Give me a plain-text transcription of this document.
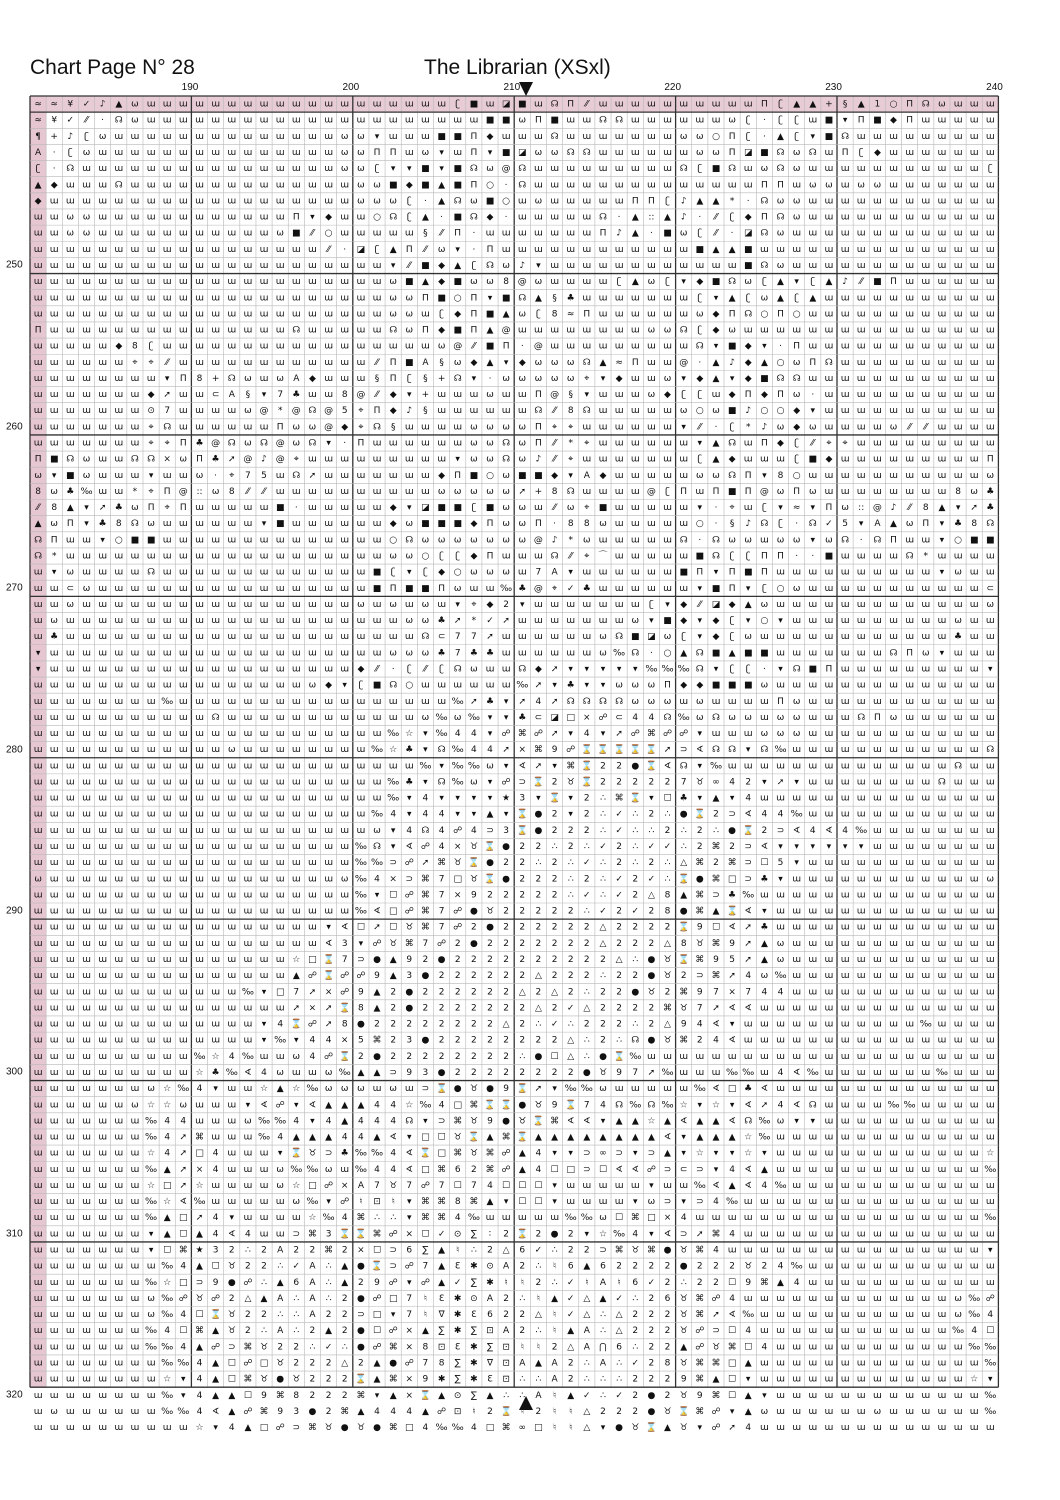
Chart Page N° 28	The Librarian (XSxl)
190	200	210	220	230	240
250
260
270
280
290
300
310
320
≈ ≈ ¥ ✓ ♪ ▲ ω ɯ ɯ ɯ ɯ ɯ ɯ ɯ ɯ ɯ ɯ ɯ ɯ ɯ ɯ ɯ ɯ ɯ ɯ ɯ ʗ ■ ɯ ◪ ■ ɯ ☊ Π ⁄⁄ ɯ ɯ ɯ ɯ ɯ ɯ ɯ ɯ ɯ ɯ Π ʗ ▲ ▲ + § ▲ 1 ○ Π ☊ ω ɯ ɯ ɯ
≈ ¥ ✓ ⁄⁄ · ☊ ω ɯ ɯ ɯ ɯ ɯ ɯ ɯ ɯ ɯ ɯ ɯ ɯ ɯ ɯ ɯ ɯ ɯ ɯ ɯ ɯ ɯ ■ ■ ω Π ■ ɯ ɯ ☊ ☊ ɯ ɯ ɯ ɯ ɯ ɯ ω ʗ · ʗ ʗ ɯ ■ ▾ Π ■ ◆ Π ɯ ɯ ɯ ɯ ɯ
¶ + ♪ ʗ ω ɯ ɯ ɯ ɯ ɯ ɯ ɯ ɯ ɯ ɯ ɯ ɯ ɯ ɯ ω ω ▾ ɯ ɯ ɯ ■ ■ Π ◆ ɯ ɯ ɯ ☊ ɯ ɯ ɯ ɯ ɯ ɯ ɯ ω ω ○ Π ʗ · ▲ ʗ ▾ ■ ☊ ɯ ɯ ɯ ɯ ɯ ɯ ɯ ɯ ɯ
A · ʗ ω ɯ ɯ ɯ ɯ ɯ ɯ ɯ ɯ ɯ ɯ ɯ ɯ ɯ ɯ ɯ ω ω Π Π ɯ ω ▾ ɯ Π ▾ ■ ◪ ω ω ☊ ☊ ɯ ɯ ɯ ɯ ɯ ɯ ω ω Π ◪ ■ ☊ ω ☊ ɯ Π ʗ ◆ ɯ ɯ ɯ ɯ ɯ ɯ ɯ
ʗ · ☊ ɯ ɯ ɯ ɯ ɯ ɯ ɯ ɯ ɯ ɯ ɯ ɯ ɯ ɯ ɯ ɯ ω ω ʗ ▾ ▾ ■ ▾ ■ ☊ ω @ ☊ ɯ ɯ ɯ ɯ ɯ ɯ ɯ ɯ ɯ ☊ ʗ ■ ☊ ɯ ω ☊ ω ɯ ɯ ɯ ɯ ɯ ɯ ɯ ɯ ɯ ɯ ɯ ʗ
▲ ◆ ɯ ɯ ɯ ☊ ɯ ɯ ɯ ɯ ɯ ɯ ɯ ɯ ɯ ɯ ɯ ɯ ɯ ɯ ω ω ■ ◆ ■ ▲ ■ Π ○ · ☊ ɯ ɯ ɯ ɯ ɯ ɯ ɯ ɯ ɯ ɯ ɯ ɯ ɯ ɯ Π Π ɯ ω ω ɯ ω ω ɯ ɯ ɯ ɯ ɯ ɯ ɯ
◆ ɯ ɯ ɯ ɯ ɯ ɯ ɯ ɯ ɯ ɯ ɯ ɯ ɯ ɯ ɯ ɯ ɯ ɯ ɯ ω ω ω ʗ · ▲ ☊ ω ■ ○ ɯ ω ɯ ɯ ɯ ɯ ɯ Π Π ʗ ♪ ▲ ▲ * · ☊ ω ω ɯ ɯ ɯ ɯ ɯ ɯ ɯ ɯ ɯ ɯ ɯ ɯ
ɯ ɯ ω ω ɯ ɯ ɯ ɯ ɯ ɯ ɯ ɯ ɯ ɯ ɯ ɯ Π ▾ ◆ ɯ ɯ ○ ☊ ʗ ▲ · ■ ☊ ◆ · ɯ ɯ ɯ ɯ ɯ ☊ · ▲ :: ▲ ♪ · ⁄⁄ ʗ ◆ Π ☊ ω ɯ ɯ ɯ ɯ ɯ ɯ ɯ ɯ ɯ ɯ ɯ ɯ
ɯ ɯ ω ω ɯ ɯ ɯ ɯ ɯ ɯ ɯ ɯ ɯ ɯ ɯ ω ■ ⁄⁄ ○ ɯ ɯ ɯ ɯ ɯ § ⁄⁄ Π · ɯ ɯ ɯ ɯ ɯ ɯ ɯ Π ♪ ▲ · ■ ω ʗ ⁄⁄ · ◪ ☊ ω ɯ ɯ ɯ ɯ ɯ ɯ ɯ ɯ ɯ ɯ ɯ ɯ ɯ
ɯ ɯ ɯ ɯ ɯ ɯ ɯ ɯ ɯ ɯ ɯ ɯ ɯ ɯ ɯ ɯ ɯ ɯ ⁄⁄ · ◪ ʗ ▲ Π ⁄⁄ ω ▾ · Π ɯ ɯ ɯ ɯ ɯ ɯ ɯ ɯ ɯ ɯ ɯ ɯ ■ ▲ ▲ ■ ɯ ɯ ɯ ɯ ɯ ɯ ɯ ɯ ɯ ɯ ɯ ɯ ɯ ɯ ɯ
ɯ ɯ ɯ ɯ ɯ ɯ ɯ ɯ ɯ ɯ ɯ ɯ ɯ ɯ ɯ ɯ ɯ ɯ ɯ ɯ ɯ ɯ ▾ ⁄⁄ ■ ◆ ▲ ʗ ☊ ω ♪ ▾ ɯ ɯ ɯ ɯ ɯ ɯ ɯ ɯ ɯ ɯ ɯ ɯ ■ ☊ ω ɯ ɯ ɯ ɯ ɯ ɯ ɯ ɯ ɯ ɯ ɯ ɯ ɯ
ɯ ɯ ɯ ɯ ɯ ɯ ɯ ɯ ɯ ɯ ɯ ɯ ɯ ɯ ɯ ɯ ɯ ɯ ɯ ɯ ɯ ɯ ω ■ ▲ ◆ ■ ω ω 8 @ ω ɯ ɯ ɯ ɯ ʗ ▲ ω ʗ ▾ ◆ ■ ☊ ω ʗ ▲ ▾ ʗ ▲ ♪ ⁄⁄ ■ Π ɯ ɯ ɯ ɯ ɯ ɯ
ɯ ɯ ɯ ɯ ɯ ɯ ɯ ɯ ɯ ɯ ɯ ɯ ɯ ɯ ɯ ɯ ɯ ɯ ɯ ɯ ɯ ɯ ω ω Π ■ ○ Π ▾ ■ ☊ ▲ § ♣ ɯ ɯ ɯ ɯ ɯ ɯ ɯ ʗ ▾ ▲ ʗ ω ▲ ʗ ▲ ɯ ɯ ɯ ɯ ɯ ɯ ɯ ɯ ɯ ɯ ɯ
ɯ ɯ ɯ ɯ ɯ ɯ ɯ ɯ ɯ ɯ ɯ ɯ ɯ ɯ ɯ ɯ ɯ ɯ ɯ ɯ ɯ ɯ ω ω ɯ ʗ ◆ Π ■ ▲ ω ʗ 8 ≈ Π ɯ ɯ ɯ ɯ ɯ ɯ ω ◆ Π ☊ ○ Π ○ ɯ ɯ ɯ ɯ ɯ ɯ ɯ ɯ ɯ ɯ ɯ ɯ
Π ɯ ɯ ɯ ɯ ɯ ɯ ɯ ɯ ɯ ɯ ɯ ɯ ɯ ɯ ɯ ☊ ɯ ɯ ɯ ɯ ɯ ☊ ω Π ◆ ■ Π ▲ @ ɯ ɯ ɯ ɯ ɯ ɯ ɯ ɯ ω ω ☊ ʗ ◆ ω ɯ ɯ ɯ ɯ ɯ ɯ ɯ ɯ ɯ ɯ ɯ ɯ ɯ ɯ ɯ ɯ
ɯ ɯ ɯ ɯ ɯ ◆ 8 ʗ ɯ ɯ ɯ ɯ ɯ ɯ ɯ ɯ ɯ ɯ ɯ ɯ ɯ ɯ ɯ ɯ ɯ ω @ ⁄⁄ ■ Π · @ ɯ ɯ ɯ ɯ ɯ ɯ ɯ ɯ ɯ ☊ ▾ ■ ◆ ▾ · Π ɯ ɯ ɯ ɯ ɯ ɯ ɯ ɯ ɯ ɯ ɯ ɯ
ɯ ɯ ɯ ɯ ɯ ɯ ⌖ ⌖ ⁄⁄ ɯ ɯ ɯ ɯ ɯ ɯ ɯ ɯ ɯ ɯ ɯ ɯ ⁄⁄ Π ■ A § ω ◆ ▲ ▾ ◆ ω ω ω ☊ ▲ ≈ Π ɯ ɯ @ · ▲ ♪ ◆ ▲ ○ ω Π ☊ ɯ ɯ ɯ ɯ ɯ ɯ ɯ ɯ ɯ ɯ
ɯ ɯ ɯ ɯ ɯ ɯ ɯ ɯ ▾ Π 8 + ☊ ω ɯ ω A ◆ ɯ ɯ ɯ § Π ʗ § + ☊ ▾ · ω ω ω ω ω ⌖ ▾ ◆ ɯ ɯ ω ▾ ◆ ▲ ▾ ◆ ■ ☊ ☊ ɯ ɯ ɯ ɯ ɯ ɯ ɯ ɯ ɯ ɯ ɯ ɯ
ɯ ɯ ɯ ɯ ɯ ɯ ɯ ◆ ➚ ɯ ɯ ⊂ A § ▾ 7 ♣ ɯ ɯ 8 @ ⁄⁄ ◆ ▾ + ɯ ɯ ɯ ω ɯ ɯ Π @ § ▾ ɯ ɯ ɯ ω ◆ ʗ ʗ ɯ ◆ Π ◆ Π ω · ɯ ɯ ɯ ɯ ɯ ɯ ɯ ɯ ɯ ɯ ɯ
ɯ ɯ ɯ ɯ ɯ ɯ ɯ ⊙ 7 ɯ ɯ ɯ ɯ ω @ * @ ☊ @ 5 ⌖ Π ◆ ♪ § ɯ ɯ ɯ ɯ ɯ ɯ ☊ ⁄⁄ 8 ☊ ɯ ɯ ɯ ɯ ɯ ω ○ ω ■ ♪ ○ ○ ◆ ▾ ɯ ɯ ɯ ɯ ɯ ɯ ɯ ɯ ɯ ɯ ɯ
ɯ ɯ ɯ ɯ ɯ ɯ ɯ ⌖ ☊ ɯ ɯ ɯ ɯ ɯ ɯ Π ω ω @ ◆ ⌖ ☊ § ɯ ɯ ɯ ɯ ω ω ω ω Π ⌖ ⌖ ɯ ɯ ɯ ɯ ɯ ɯ ▾ ⁄⁄ · ʗ * ♪ ω ◆ ω ɯ ɯ ɯ ɯ ω ⁄⁄ ⁄⁄ ɯ ɯ ɯ ɯ
ɯ ɯ ɯ ɯ ɯ ɯ ɯ ⌖ ⌖ Π ♣ @ ☊ ω ☊ @ ω ☊ ▾ · Π ɯ ɯ ɯ ɯ ɯ ɯ ω ω ☊ ω Π ⁄⁄ * ⌖ ɯ ɯ ɯ ɯ ɯ ɯ ▾ ▲ ☊ ɯ Π ◆ ʗ ⁄⁄ ⌖ ⌖ ɯ ɯ ɯ ɯ ɯ ɯ ɯ ɯ ɯ
Π ■ ☊ ω ɯ ɯ ☊ ☊ ⨯ ω Π ♣ ➚ @ ♪ @ ⌖ ɯ ɯ ɯ ɯ ɯ ɯ ɯ ɯ ɯ ▾ ω ω ☊ ω ♪ ⁄⁄ ⌖ ɯ ɯ ɯ ɯ ɯ ɯ ɯ ʗ ▲ ◆ ɯ ɯ ɯ ʗ ■ ◆ ɯ ɯ ɯ ɯ ɯ ɯ ɯ ɯ ɯ Π
ω ▾ ■ ω ɯ ɯ ɯ ▾ ɯ ɯ ω · ⌖ 7 5 ɯ ☊ ➚ ɯ ɯ ɯ ɯ ɯ ɯ ɯ ◆ Π ■ ○ ω ■ ■ ◆ ▾ A ◆ ɯ ɯ ɯ ɯ ɯ ω ω ☊ Π ▾ 8 ○ ɯ ɯ ɯ ɯ ɯ ɯ ɯ ɯ ɯ ɯ ɯ ω
8 ω ♣ ‰ ɯ ɯ * ⌖ Π @ :: ω 8 ⁄⁄ ⁄⁄ ɯ ɯ ɯ ɯ ɯ ɯ ɯ ɯ ɯ ɯ ω ω ω ω ω ➚ + 8 ☊ ɯ ɯ ɯ ɯ @ ʗ Π ɯ Π ■ Π @ ω Π ω ɯ ɯ ɯ ɯ ɯ ɯ ɯ ɯ 8 ω ♣
⁄⁄ 8 ▲ ▾ ➚ ♣ ω Π ⌖ Π ɯ ɯ ɯ ɯ ɯ ■ · ɯ ɯ ɯ ɯ ɯ ◆ ▾ ◪ ■ ■ ʗ ■ ω ω ɯ ⁄⁄ ω ⌖ ■ ɯ ɯ ɯ ɯ ɯ ▾ · ⌖ ɯ ʗ ▾ ≈ ▾ Π ω :: @ ♪ ⁄⁄ 8 ▲ ▾ ➚ ♣
▲ ω Π ▾ ♣ 8 ☊ ω ɯ ɯ ɯ ɯ ɯ ɯ ▾ ■ ɯ ɯ ɯ ɯ ɯ ɯ ◆ ω ■ ■ ■ ◆ Π ω ω Π · 8 8 ω ɯ ɯ ɯ ɯ ɯ ○ · § ♪ ☊ ʗ · ☊ ✓ 5 ▾ A ▲ ω Π ▾ ♣ 8 ☊
☊ Π ɯ ɯ ▾ ○ ■ ■ ɯ ɯ ɯ ɯ ɯ ɯ ɯ ɯ ɯ ɯ ɯ ɯ ɯ ɯ ○ ☊ ω ω ω ω ω ω ω @ ♪ * ω ɯ ɯ ɯ ɯ ɯ ☊ · ☊ ω ω ɯ ω ω ▾ ω ☊ · ☊ Π ɯ ɯ ▾ ○ ■ ■
☊ * ɯ ɯ ɯ ɯ ɯ ɯ ɯ ɯ ɯ ɯ ɯ ɯ ɯ ɯ ɯ ɯ ɯ ɯ ɯ ɯ ω ω ○ ʗ ʗ ◆ Π ɯ ɯ ɯ ☊ ⁄⁄ ⌖ ⌒ ɯ ɯ ɯ ɯ ɯ ■ ☊ ʗ ʗ Π Π · · ■ ɯ ɯ ɯ ɯ ☊ * ɯ ɯ ɯ ɯ
ɯ ▾ ω ɯ ɯ ɯ ɯ ☊ ɯ ɯ ɯ ɯ ɯ ɯ ɯ ɯ ɯ ɯ ɯ ɯ ɯ ■ ʗ ▾ ʗ ◆ ○ ω ω ω ɯ 7 A ▾ ɯ ɯ ɯ ɯ ɯ ɯ ■ Π ▾ Π ■ Π ɯ ɯ ɯ ɯ ɯ ɯ ɯ ɯ ɯ ɯ ▾ ω ɯ ɯ
ɯ ɯ ⊂ ω ɯ ɯ ɯ ɯ ɯ ɯ ɯ ɯ ɯ ɯ ɯ ɯ ɯ ɯ ɯ ɯ ɯ ■ Π ■ ■ Π ω ɯ ɯ ‰ ♣ @ ⌖ ✓ ♣ ɯ ɯ ɯ ɯ ɯ ɯ ▾ ■ Π ▾ ʗ ○ ω ɯ ɯ ɯ ɯ ɯ ɯ ɯ ɯ ɯ ɯ ɯ ⊂
ɯ ɯ ω ɯ ɯ ɯ ɯ ɯ ɯ ɯ ɯ ɯ ɯ ɯ ɯ ɯ ɯ ɯ ɯ ɯ ω ɯ ω ɯ ω ɯ ▾ ⌖ ◆ 2 ▾ ɯ ɯ ɯ ɯ ɯ ɯ ɯ ʗ ▾ ◆ ⁄⁄ ◪ ◆ ▲ ω ɯ ɯ ɯ ɯ ɯ ɯ ɯ ɯ ɯ ɯ ɯ ɯ ɯ ω
ɯ ω ɯ ɯ ɯ ɯ ɯ ɯ ɯ ɯ ɯ ɯ ɯ ɯ ɯ ɯ ɯ ɯ ɯ ɯ ɯ ɯ ɯ ω ω ♣ ➚ * ✓ ➚ ɯ ɯ ɯ ɯ ɯ ɯ ɯ ω ▾ ■ ◆ ▾ ◆ ʗ ▾ ○ ▾ ɯ ɯ ɯ ɯ ɯ ɯ ɯ ɯ ɯ ɯ ω ɯ ɯ
ɯ ♣ ɯ ɯ ɯ ɯ ɯ ɯ ɯ ɯ ɯ ɯ ɯ ɯ ɯ ɯ ɯ ɯ ɯ ɯ ɯ ɯ ɯ ɯ ☊ ⊂ 7 7 ➚ ɯ ɯ ɯ ɯ ɯ ɯ ω ☊ ■ ◪ ω ʗ ▾ ◆ ʗ ω ɯ ɯ ɯ ɯ ɯ ɯ ɯ ɯ ɯ ɯ ɯ ɯ ♣ ɯ ɯ
▾ ɯ ɯ ɯ ɯ ɯ ɯ ɯ ɯ ɯ ɯ ɯ ɯ ɯ ɯ ɯ ɯ ɯ ɯ ɯ ɯ ɯ ω ω ω ♣ 7 ♣ ♣ ɯ ɯ ɯ ɯ ɯ ɯ ω ‰ ☊ · ○ ▲ ☊ ■ ▲ ■ ■ ɯ ɯ ɯ ɯ ɯ ɯ ɯ ☊ Π ω ▾ ɯ ɯ ɯ
▾ ɯ ɯ ɯ ɯ ɯ ɯ ɯ ɯ ɯ ɯ ɯ ɯ ɯ ɯ ɯ ɯ ɯ ɯ ɯ ◆ ⁄⁄ · ʗ ⁄⁄ ʗ ☊ ω ɯ ɯ ☊ ◆ ➚ ▾ ▾ ▾ ▾ ▾ ‰ ‰ ‰ ☊ ▾ ʗ ʗ · ▾ ☊ ■ Π ɯ ɯ ɯ ɯ ɯ ɯ ɯ ɯ ɯ ▾
ɯ ɯ ɯ ɯ ɯ ɯ ɯ ɯ ɯ ɯ ɯ ɯ ɯ ɯ ɯ ɯ ɯ ω ◆ ▾ ʗ ■ ☊ ○ ɯ ɯ ɯ ɯ ɯ ɯ ‰ ➚ ▾ ♣ ▾ ▾ ω ω ω Π ◆ ◆ ■ ■ ■ ω ɯ ɯ ɯ ɯ ɯ ɯ ɯ ɯ ɯ ɯ ɯ ɯ ɯ ɯ
ɯ ɯ ɯ ɯ ɯ ɯ ɯ ɯ ‰ ɯ ɯ ɯ ɯ ɯ ɯ ɯ ɯ ɯ ɯ ɯ ɯ ɯ ɯ ɯ ɯ ɯ ‰ ➚ ♣ ▾ ➚ 4 ➚ ☊ ☊ ☊ ☊ ω ω ω ɯ ω ɯ ɯ ɯ ɯ Π ω ɯ ɯ ɯ ɯ ɯ ɯ ɯ ɯ ɯ ɯ ɯ ɯ
ɯ ɯ ɯ ɯ ɯ ɯ ɯ ɯ ɯ ɯ ɯ ☊ ɯ ɯ ɯ ɯ ɯ ɯ ɯ ɯ ɯ ɯ ɯ ɯ ω ‰ ω ‰ ▾ ▾ ♣ ⊂ ◪ □ ⨯ ☍ ⊂ 4 4 ☊ ‰ ω ☊ ω ω ɯ ω ω ɯ ɯ ɯ ☊ Π ω ɯ ɯ ɯ ɯ ɯ ɯ
ɯ ɯ ɯ ɯ ɯ ɯ ɯ ɯ ɯ ɯ ɯ ɯ ɯ ɯ ɯ ɯ ɯ ɯ ɯ ɯ ɯ ɯ ‰ ☆ ▾ ‰ 4 4 ▾ ☍ ⌘ ☍ ➚ ▾ 4 ▾ ➚ ☍ ⌘ ☍ ☍ ▾ ɯ ɯ ɯ ω ω ω ɯ ɯ ɯ ɯ ɯ ɯ ɯ ɯ ɯ ɯ ɯ ɯ
ɯ ɯ ɯ ɯ ɯ ɯ ɯ ɯ ɯ ɯ ɯ ɯ ω ɯ ɯ ɯ ɯ ɯ ɯ ɯ ɯ ‰ ☆ ♣ ▾ ☊ ‰ 4 4 ➚ ⨯ ⌘ 9 ☍ ⌛ ⌛ ⌛ ⌛ ⌛ ➚ ⊃ ∢ ☊ ☊ ▾ ☊ ‰ ɯ ɯ ɯ ɯ ɯ ɯ ɯ ɯ ɯ ɯ ɯ ɯ ☊
ɯ ɯ ɯ ɯ ɯ ɯ ɯ ɯ ɯ ɯ ɯ ɯ ɯ ɯ ɯ ɯ ɯ ɯ ɯ ɯ ɯ ɯ ɯ ɯ ‰ ▾ ‰ ‰ ω ▾ ∢ ➚ ▾ ⌘ ⌛ 2 2 ● ⌛ ∢ ☊ ▾ ‰ ɯ ɯ ɯ ɯ ɯ ɯ ɯ ɯ ɯ ɯ ɯ ɯ ɯ ɯ ☊ ɯ ɯ
ɯ ɯ ɯ ɯ ɯ ɯ ɯ ɯ ɯ ɯ ɯ ɯ ɯ ɯ ɯ ɯ ɯ ɯ ɯ ɯ ɯ ɯ ‰ ♣ ▾ ☊ ‰ ω ▾ ☍ ⊃ ⌛ 2 ♉ ⌛ 2 2 2 2 2 7 ♉ ∞ 4 2 ▾ ➚ ▾ ɯ ɯ ɯ ɯ ɯ ɯ ɯ ɯ ☊ ɯ ɯ ɯ
ɯ ɯ ɯ ɯ ɯ ɯ ɯ ɯ ɯ ɯ ɯ ɯ ɯ ɯ ɯ ɯ ɯ ɯ ɯ ɯ ɯ ɯ ‰ ▾ 4 ▾ ▾ ▾ ▾ ★ 3 ▾ ⌛ ▾ 2 ∴ ⌘ ⌛ ▾ ☐ ♣ ▾ ▲ ▾ 4 ɯ ɯ ɯ ɯ ɯ ɯ ɯ ɯ ɯ ɯ ɯ ɯ ɯ ɯ ɯ
ɯ ɯ ɯ ɯ ɯ ɯ ɯ ɯ ɯ ɯ ɯ ɯ ɯ ɯ ɯ ɯ ɯ ɯ ɯ ɯ ɯ ‰ 4 ▾ 4 4 ▾ ▾ ▲ ▾ ⌛ ● 2 ▾ 2 ∴ ✓ ∴ 2 ∴ ● ⌛ 2 ⊃ ∢ 4 4 ‰ ɯ ɯ ɯ ɯ ɯ ɯ ɯ ɯ ɯ ɯ ɯ ɯ
ɯ ɯ ɯ ɯ ɯ ɯ ɯ ɯ ɯ ɯ ɯ ɯ ɯ ɯ ɯ ɯ ɯ ɯ ɯ ɯ ɯ ω ▾ 4 ☊ 4 ☍ 4 ⊃ 3 ⌛ ● 2 2 2 ∴ ✓ ∴ ∴ 2 ∴ 2 ∴ ● ⌛ 2 ⊃ ∢ 4 ∢ 4 ‰ ɯ ɯ ɯ ɯ ɯ ɯ ɯ ɯ
ɯ ɯ ɯ ɯ ɯ ɯ ɯ ɯ ɯ ɯ ɯ ɯ ɯ ɯ ɯ ɯ ɯ ɯ ɯ ɯ ‰ ☊ ▾ ∢ ☍ 4 ⨯ ♉ ⌛ ● 2 2 ∴ 2 ∴ ✓ 2 ∴ ✓ ✓ ∴ 2 ⌘ 2 ⊃ ∢ ▾ ▾ ▾ ▾ ▾ ▾ ɯ ɯ ɯ ɯ ɯ ɯ ɯ ɯ
ɯ ɯ ɯ ɯ ɯ ɯ ɯ ɯ ɯ ɯ ɯ ɯ ɯ ɯ ɯ ɯ ɯ ɯ ɯ ɯ ‰ ‰ ⊃ ☍ ➚ ⌘ ♉ ⌛ ● 2 2 ∴ 2 ∴ ✓ ∴ 2 ∴ 2 ∴ △ ⌘ 2 ⌘ ⊃ ☐ 5 ▾ ɯ ɯ ɯ ɯ ɯ ɯ ɯ ɯ ɯ ɯ ɯ ɯ
ω ɯ ɯ ɯ ɯ ɯ ɯ ɯ ɯ ɯ ɯ ɯ ɯ ɯ ɯ ɯ ɯ ɯ ɯ ω ‰ 4 ⨯ ⊃ ⌘ 7 □ ♉ ⌛ ● 2 2 2 ∴ 2 ∴ ✓ 2 ✓ ∴ ⌛ ● ⌘ □ ⊃ ♣ ▾ ɯ ɯ ɯ ɯ ɯ ɯ ɯ ɯ ɯ ɯ ɯ ɯ ω
ɯ ɯ ɯ ɯ ɯ ɯ ɯ ɯ ɯ ɯ ɯ ɯ ɯ ɯ ɯ ɯ ɯ ɯ ɯ ɯ ‰ ▾ ☐ ☍ ⌘ 7 ⨯ 9 2 2 2 2 2 ∴ ✓ ∴ ✓ 2 △ 8 ▲ ⌘ ⊃ ♣ ‰ ɯ ɯ ɯ ɯ ɯ ɯ ɯ ɯ ɯ ɯ ɯ ɯ ɯ ɯ ɯ
ɯ ɯ ɯ ɯ ɯ ɯ ɯ ɯ ɯ ɯ ɯ ɯ ɯ ɯ ɯ ɯ ɯ ɯ ɯ ɯ ‰ ∢ □ ☍ ⌘ 7 ☍ ● ♉ 2 2 2 2 2 ∴ ✓ 2 ✓ 2 8 ● ⌘ ▲ ⌛ ∢ ▾ ɯ ɯ ɯ ɯ ɯ ɯ ɯ ɯ ɯ ɯ ɯ ɯ ɯ ɯ
ɯ ɯ ɯ ɯ ɯ ɯ ɯ ɯ ɯ ɯ ɯ ɯ ɯ ɯ ɯ ɯ ɯ ɯ ▾ ∢ ☐ ➚ ☐ ♉ ⌘ 7 ☍ 2 ● 2 2 2 2 2 2 △ 2 2 2 2 ⌛ 9 ☐ ∢ ➚ ♣ ɯ ɯ ɯ ɯ ɯ ɯ ɯ ɯ ɯ ɯ ɯ ɯ ɯ ɯ
ɯ ɯ ɯ ɯ ɯ ɯ ɯ ɯ ɯ ɯ ɯ ɯ ɯ ɯ ɯ ɯ ɯ ɯ ∢ 3 ▾ ☍ ♉ ⌘ 7 ☍ 2 ● 2 2 2 2 2 2 2 △ 2 2 2 △ 8 ♉ ⌘ 9 ➚ ▲ ω ɯ ɯ ɯ ɯ ɯ ɯ ɯ ɯ ɯ ɯ ɯ ɯ ɯ
ɯ ɯ ɯ ɯ ɯ ɯ ɯ ɯ ɯ ɯ ɯ ɯ ɯ ɯ ɯ ɯ ☆ □ ⌛ 7 ⊃ ● ▲ 9 2 ● 2 2 2 2 2 2 2 2 2 2 △ ∴ ● ♉ ⌛ ⌘ 9 5 ➚ ▲ ω ɯ ɯ ɯ ɯ ɯ ɯ ɯ ɯ ɯ ɯ ɯ ɯ ɯ
ɯ ɯ ɯ ɯ ɯ ɯ ɯ ɯ ɯ ɯ ɯ ɯ ɯ ɯ ɯ ɯ ▲ ☍ ⌛ ☍ ☍ 9 ▲ 3 ● 2 2 2 2 2 2 △ 2 2 2 ∴ 2 2 ● ♉ 2 ⊃ ⌘ ➚ 4 ω ‰ ɯ ɯ ɯ ɯ ɯ ɯ ɯ ɯ ɯ ɯ ɯ ɯ ɯ
ɯ ɯ ɯ ɯ ɯ ɯ ɯ ɯ ɯ ɯ ɯ ɯ ɯ ‰ ▾ □ 7 ➚ ⨯ ☍ 9 ▲ 2 ● 2 2 2 2 2 2 △ 2 △ 2 ∴ 2 2 ● ♉ 2 ⌘ 9 7 ⨯ 7 4 4 ɯ ɯ ɯ ɯ ɯ ɯ ɯ ɯ ɯ ɯ ɯ ɯ ɯ
ɯ ɯ ɯ ɯ ɯ ɯ ɯ ɯ ɯ ɯ ɯ ɯ ɯ ɯ ɯ ɯ ➚ ⨯ ➚ ⌛ 8 ▲ 2 ● 2 2 2 2 2 2 2 △ 2 ✓ △ 2 2 2 2 ⌘ ♉ 7 ➚ ∢ ∢ ɯ ɯ ɯ ɯ ɯ ɯ ɯ ɯ ɯ ɯ ɯ ɯ ɯ ɯ ɯ
ɯ ɯ ɯ ɯ ɯ ɯ ɯ ɯ ɯ ɯ ɯ ɯ ɯ ɯ ▾ 4 ⌛ ☍ ➚ 8 ● 2 2 2 2 2 2 2 2 △ 2 ∴ ✓ ∴ 2 2 2 ∴ 2 △ 9 4 ∢ ▾ ɯ ɯ ɯ ɯ ɯ ɯ ɯ ɯ ɯ ɯ ɯ ‰ ɯ ɯ ɯ ɯ
ɯ ɯ ɯ ɯ ɯ ɯ ɯ ɯ ɯ ɯ ɯ ɯ ɯ ɯ ▾ ‰ ▾ 4 4 ⨯ 5 ⌘ 2 3 ● 2 2 2 2 2 2 2 2 △ ∴ 2 ∴ ☊ ● ♉ ⌘ 2 4 ∢ ɯ ɯ ɯ ɯ ɯ ɯ ɯ ɯ ɯ ɯ ɯ ɯ ɯ ɯ ɯ ɯ
ɯ ɯ ɯ ɯ ɯ ɯ ɯ ɯ ɯ ɯ ‰ ☆ 4 ‰ ɯ ɯ ω 4 ☍ ⌛ 2 ● 2 2 2 2 2 2 2 2 ∴ ● ☐ △ ∴ ● ⌛ ‰ ɯ ɯ ɯ ɯ ɯ ɯ ɯ ɯ ɯ ɯ ɯ ɯ ɯ ɯ ɯ ɯ ɯ ɯ ɯ ɯ ɯ ɯ
ɯ ɯ ɯ ɯ ɯ ɯ ɯ ɯ ɯ ɯ ☆ ♣ ‰ ∢ 4 ω ɯ ɯ ω ‰ ▲ ▲ ⊃ 9 3 ● 2 2 2 2 2 2 2 2 ● ♉ 9 7 ➚ ‰ ɯ ɯ ɯ ‰ ‰ ɯ 4 ∢ ‰ ɯ ɯ ɯ ɯ ɯ ɯ ɯ ‰ ɯ ɯ ɯ
ɯ ɯ ɯ ɯ ɯ ɯ ɯ ω ☆ ‰ 4 ▾ ɯ ɯ ☆ ▲ ☆ ‰ ω ω ω ɯ ω ɯ ⊃ ⌛ ● ♉ ● 9 ⌛ ➚ ▾ ‰ ‰ ω ɯ ɯ ɯ ɯ ɯ ‰ ∢ □ ♣ ∢ ɯ ɯ ɯ ɯ ɯ ɯ ɯ ɯ ɯ ɯ ɯ ɯ ɯ ɯ
ɯ ɯ ɯ ɯ ɯ ɯ ω ☆ ☆ ω ɯ ɯ ɯ ▾ ∢ ☍ ▾ ∢ ▲ ▲ ▲ 4 4 ☆ ‰ 4 □ ⌘ ⌛ ⌛ ● ♉ 9 ⌛ 7 4 ☊ ‰ ☊ ‰ ☆ ▾ ☆ ▾ ∢ ➚ 4 ∢ ☊ ɯ ɯ ɯ ɯ ‰ ‰ ɯ ɯ ɯ ɯ ɯ
ɯ ɯ ɯ ɯ ɯ ɯ ɯ ‰ 4 4 ɯ ɯ ɯ ω ‰ ‰ 4 ▾ 4 ▲ 4 4 4 ☊ ▾ ⊃ ⌘ ♉ 9 ● ♉ ⌛ ⌘ ∢ ∢ ▾ ▲ ▲ ☆ ▲ ∢ ▲ ▲ ∢ ☊ ‰ ω ▾ ▾ ɯ ɯ ɯ ɯ ɯ ɯ ɯ ɯ ɯ ɯ ɯ
ɯ ɯ ɯ ɯ ɯ ɯ ɯ ‰ 4 ➚ ⌘ ɯ ɯ ɯ ‰ 4 ▲ ▲ ▲ 4 4 ▲ ∢ ▾ □ ☐ ♉ ⌛ ▲ ⌘ ⌛ ▲ ▲ ▲ ▲ ▲ ▲ ▲ ▲ ∢ ▾ ▲ ▲ ▲ ☆ ‰ ɯ ɯ ɯ ɯ ɯ ɯ ɯ ɯ ɯ ɯ ɯ ɯ ɯ ɯ
ɯ ɯ ɯ ɯ ɯ ɯ ɯ ☆ 4 ➚ □ 4 ɯ ɯ ɯ ▾ ⌛ ♉ ⊃ ♣ ‰ ‰ 4 ∢ ⌛ □ ⌘ ♉ ⌘ ☍ ▲ 4 ▾ ▾ ⊃ ∞ ⊃ ▾ ⊃ ▲ ▾ ☆ ▾ ▾ ☆ ▾ ɯ ɯ ɯ ɯ ɯ ɯ ɯ ɯ ɯ ɯ ɯ ɯ ɯ ☆
ɯ ɯ ɯ ɯ ɯ ɯ ɯ ‰ ▲ ➚ ⨯ 4 ɯ ɯ ɯ ω ‰ ‰ ω ɯ ‰ 4 4 ∢ □ ⌘ 6 2 ⌘ ☍ ▲ 4 ☐ □ ⊃ ☐ ∢ ∢ ☍ ⊃ ⊂ ⊃ ▾ 4 ∢ ▲ ɯ ɯ ɯ ɯ ɯ ɯ ɯ ɯ ɯ ɯ ɯ ɯ ɯ ‰
ɯ ɯ ɯ ɯ ɯ ɯ ɯ ☆ □ ➚ ☆ ɯ ɯ ɯ ɯ ω ☆ □ ☍ ⨯ A 7 ♉ 7 ☍ 7 ☐ 7 4 ☐ ☐ ☐ ▾ ɯ ɯ ɯ ɯ ɯ ▾ ɯ ɯ ‰ ∢ ▲ ∢ 4 ‰ ɯ ɯ ɯ ɯ ɯ ɯ ɯ ɯ ɯ ɯ ɯ ɯ ɯ
ɯ ɯ ɯ ɯ ɯ ɯ ɯ ‰ ☆ ∢ ‰ ɯ ɯ ɯ ɯ ɯ ω ‰ ▾ ☍ ♮ ⊡ ♮ ▾ ⌘ ⌘ 8 ⌘ ▲ ▾ ☐ ☐ ▾ ɯ ɯ ɯ ɯ ▾ ω ⊃ ▾ ⊃ 4 ‰ ɯ ɯ ɯ ɯ ɯ ɯ ɯ ɯ ɯ ɯ ɯ ɯ ɯ ɯ ɯ ɯ
ɯ ɯ ɯ ɯ ɯ ɯ ɯ ‰ ▲ □ ➚ 4 ▾ ɯ ɯ ɯ ɯ ☆ ‰ 4 ⌘ ∴ ∴ ▾ ⌘ ⌘ 4 ‰ ɯ ɯ ɯ ɯ ɯ ‰ ‰ ω ☐ ⌘ □ ⨯ 4 ɯ ɯ ɯ ɯ ɯ ɯ ɯ ɯ ɯ ɯ ɯ ɯ ɯ ɯ ɯ ɯ ɯ ɯ ‰
ɯ ɯ ɯ ɯ ɯ ɯ ɯ ▾ ▲ ☐ ▲ 4 ∢ 4 ɯ ɯ ⊃ ⌘ 3 ⌛ ⌛ ⌘ ☍ ⨯ ☐ ✓ ⊙ ∑ ∶ 2 ⌛ 2 ● 2 ▾ ☆ ‰ 4 ▾ ∢ ⊃ ➚ ⌘ 4 ɯ ɯ ɯ ɯ ɯ ɯ ɯ ɯ ɯ ɯ ɯ ɯ ɯ ɯ ɯ ɯ
ɯ ɯ ɯ ɯ ɯ ɯ ɯ ▾ ☐ ⌘ ★ 3 2 ∴ 2 A 2 2 ⌘ 2 ⨯ ☐ ⊃ 6 ∑ ▲ ♮ ∴ 2 △ 6 ✓ ∴ 2 2 ⊃ ⌘ ♉ ⌘ ● ♉ ⌘ 4 ɯ ɯ ɯ ɯ ɯ ɯ ɯ ɯ ɯ ɯ ɯ ɯ ɯ ɯ ɯ ɯ ▾
ɯ ɯ ɯ ɯ ɯ ɯ ɯ ɯ ‰ 4 ▲ ☐ ♉ 2 2 ∴ ✓ A ∴ ▲ ● ⌛ ⊃ ☍ 7 ▲ Ɛ ✱ ⊙ A 2 ∴ ♮ 6 ▲ 6 2 2 2 2 ● 2 2 2 ♉ 2 4 ‰ ɯ ɯ ɯ ɯ ɯ ɯ ɯ ɯ ɯ ɯ ɯ ɯ
ɯ ɯ ɯ ɯ ɯ ɯ ɯ ‰ ☆ □ ⊃ 9 ● ☍ ∴ ▲ 6 A ∴ ▲ 2 9 ☍ ▾ ☍ ▲ ✓ ∑ ✱ ♮ ♮ 2 ∴ ✓ ♮ A ♮ 6 ✓ 2 ∴ 2 2 ☐ 9 ⌘ ▲ 4 ɯ ɯ ɯ ɯ ɯ ɯ ɯ ɯ ɯ ɯ ɯ ɯ
ɯ ɯ ɯ ɯ ɯ ɯ ɯ ω ‰ ☍ ♉ ☍ 2 △ ▲ A ∴ A ∴ 2 ● ☍ □ 7 ♮ Ɛ ✱ ⊙ A 2 ∴ ♮ ▲ ✓ △ ▲ ✓ ∴ 2 6 ♉ ⌘ ☍ 4 ɯ ɯ ɯ ɯ ɯ ɯ ɯ ɯ ɯ ɯ ɯ ɯ ɯ ω ‰ ☍
ɯ ɯ ɯ ɯ ɯ ɯ ɯ ω ‰ 4 ☐ ⌛ ♉ 2 2 ∴ ∴ A 2 2 ⊃ □ ▾ 7 ♮ ∇ ✱ Ɛ 6 2 2 △ ♮ ✓ △ ∴ △ 2 2 2 ♉ ⌘ ➚ ∢ ‰ ɯ ɯ ɯ ɯ ɯ ɯ ɯ ɯ ɯ ɯ ɯ ɯ ω ‰ 4
ɯ ɯ ɯ ɯ ɯ ɯ ɯ ‰ 4 ☐ ⌘ ▲ ♉ 2 ∴ A ∴ 2 ▲ 2 ● ☐ ☍ ⨯ ▲ ∑ ✱ ∑ ⊡ A 2 ∴ ♮ ▲ A ∴ △ 2 2 2 ♉ ☍ ⊃ ☐ 4 ɯ ɯ ɯ ɯ ɯ ɯ ɯ ɯ ɯ ɯ ɯ ɯ ‰ 4 ☐
ɯ ɯ ɯ ɯ ɯ ɯ ɯ ‰ ‰ 4 ▲ ☍ ⊃ ⌘ ♉ 2 2 ∴ ✓ ∴ ● ☍ ⌘ ⨯ 8 ⊡ Ɛ ✱ ∑ ⊡ ♮ ♮ 2 △ A ⋂ 6 ∴ 2 2 ▲ ☍ ♉ ⌘ ☐ 4 ɯ ɯ ɯ ɯ ɯ ɯ ɯ ɯ ɯ ɯ ɯ ɯ ‰ ‰
ɯ ɯ ɯ ɯ ɯ ɯ ɯ ɯ ‰ ‰ 4 ▲ ☐ ☍ □ ♉ 2 2 2 △ 2 ▲ ● ☍ 7 8 ∑ ✱ ∇ ⊡ A ▲ A 2 ∴ A ∴ ✓ 2 8 ♉ ⌘ ⌘ □ ▲ ɯ ɯ ɯ ɯ ɯ ɯ ɯ ɯ ɯ ɯ ɯ ɯ ɯ ɯ ‰
ɯ ɯ ɯ ɯ ɯ ɯ ɯ ɯ ☆ ▾ 4 ▲ ☐ ⌘ ♉ ● ♉ 2 2 2 ⌛ ▲ ⌘ ⨯ 9 ✱ ∑ ✱ Ɛ ⊡ ∴ ∴ A 2 ∴ ∴ ∴ 2 2 2 9 ⌘ ▲ ☐ ▾ ɯ ɯ ɯ ɯ ɯ ɯ ɯ ɯ ɯ ɯ ɯ ɯ ɯ ☆ ▾
ɯ ɯ ɯ ɯ ɯ ɯ ɯ ɯ ‰ ▾ 4 ▲ ▲ ☐ 9 ⌘ 8 2 2 2 ⌘ ▾ ▲ ⨯ ⌛ ▲ ⊙ ∑ ▲ ∴ ∴ A ♮ ▲ ✓ ∴ ✓ 2 ● 2 ♉ 9 ⌘ ☐ ▲ ▾ ɯ ɯ ɯ ɯ ɯ ɯ ɯ ɯ ɯ ɯ ɯ ɯ ɯ ‰
ɯ ω ɯ ɯ ɯ ɯ ɯ ɯ ‰ ‰ 4 ∢ ▲ ☍ ⌘ 9 3 ● 2 ⌘ ▲ 4 4 4 ▲ ☍ ⊡ ♮ 2 ⌛ ♮ 2 ♮ ♮ △ 2 2 2 ● ♉ ⌛ ⌘ ☍ ▾ ▲ ω ɯ ɯ ɯ ɯ ɯ ɯ ω ɯ ɯ ɯ ɯ ɯ ɯ ‰
ɯ ɯ ɯ ɯ ɯ ɯ ɯ ɯ ɯ ɯ ☆ ▾ 4 ▲ □ ☍ ⊃ ⌘ ♉ ● ♉ ● ⌘ □ 4 ‰ ‰ 4 □ ⌘ ∞ □ ♮ ♮ △ ▾ ● ♉ ⌛ ▲ ♉ ▾ ☍ ➚ 4 ɯ ɯ ɯ ɯ ɯ ɯ ɯ ɯ ɯ ɯ ɯ ɯ ɯ ɯ ɯ
